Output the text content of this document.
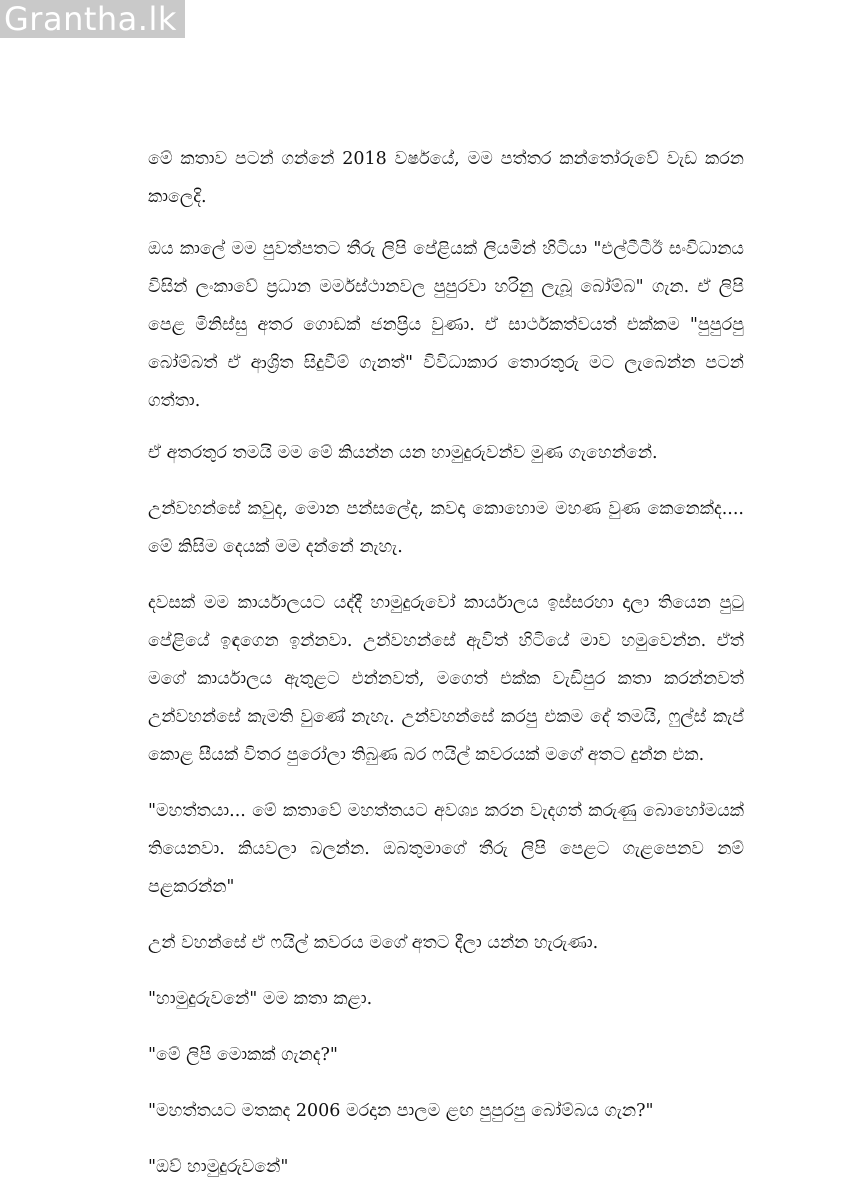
Grantha.lk

මේ කතාව පටන් ගන්නේ 2018 වර්ෂයේ, මම පත්තර කන්තෝරුවේ වැඩ කරන කාලෙදි.

ඔය කාලේ මම පුවත්පතට තීරු ලිපි පේළියක් ලියමින් හිටියා "එල්ටීටීඊ සංවිධානය විසින් ලංකාවේ ප්‍රධාන මර්මස්ථානවල පුපුරවා හරිනු ලැබූ බෝම්බ" ගැන. ඒ ලිපි පෙළ මිනිස්සු අතර ගොඩක් ජනප්‍රිය වුණා. ඒ සාර්ථකත්වයත් එක්කම "පුපුරපු බෝම්බත් ඒ ආශ්‍රිත සිදුවීම් ගැනත්" විවිධාකාර තොරතුරු මට ලැබෙන්න පටන් ගත්තා.

ඒ අතරතුර තමයි මම මේ කියන්න යන හාමුදුරුවන්ව මුණ ගැහෙන්නේ.

උන්වහන්සේ කවුද, මොන පන්සලේද, කවදා කොහොම මහණ වුණ කෙනෙක්ද.... මේ කිසිම දෙයක් මම දන්නේ නැහැ.

දවසක් මම කාර්යාලයට යද්දී හාමුදුරුවෝ කාර්යාලය ඉස්සරහා දාලා තියෙන පුටු පේළියේ ඉඳගෙන ඉන්නවා. උන්වහන්සේ ඇවිත් හිටියේ මාව හමුවෙන්න. ඒත් මගේ කාර්යාලය ඇතුළට එන්නවත්, මගෙත් එක්ක වැඩිපුර කතා කරන්නවත් උන්වහන්සේ කැමති වුණේ නැහැ. උන්වහන්සේ කරපු එකම දේ තමයි, ෆුල්ස් කැප් කොළ සීයක් විතර පුරෝලා තිබුණ බර ෆයිල් කවරයක් මගේ අතට දුන්න එක.

"මහත්තයා... මේ කතාවේ මහත්තයට අවශ්‍ය කරන වැදගත් කරුණු බොහෝමයක් තියෙනවා. කියවලා බලන්න. ඔබතුමාගේ තීරු ලිපි පෙළට ගැළපෙනව නම් පළකරන්න"

උන් වහන්සේ ඒ ෆයිල් කවරය මගේ අතට දීලා යන්න හැරුණා.

"හාමුදුරුවනේ" මම කතා කළා.

"මේ ලිපි මොකක් ගැනද?"

"මහත්තයට මතකද 2006 මරදාන පාලම ළඟ පුපුරපු බෝම්බය ගැන?"

"ඔව් හාමුදුරුවනේ"
